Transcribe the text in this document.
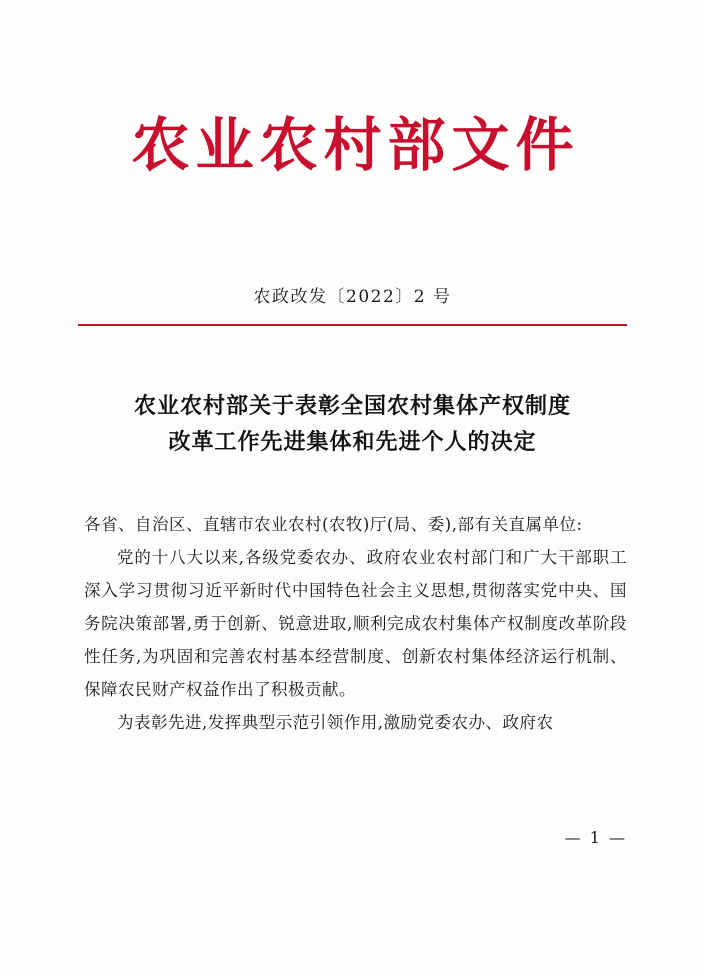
农业农村部文件
农政改发〔2022〕2 号
农业农村部关于表彰全国农村集体产权制度
改革工作先进集体和先进个人的决定

各省、自治区、直辖市农业农村(农牧)厅(局、委),部有关直属单位:

党的十八大以来,各级党委农办、政府农业农村部门和广大干部职工深入学习贯彻习近平新时代中国特色社会主义思想,贯彻落实党中央、国务院决策部署,勇于创新、锐意进取,顺利完成农村集体产权制度改革阶段性任务,为巩固和完善农村基本经营制度、创新农村集体经济运行机制、保障农民财产权益作出了积极贡献。

为表彰先进,发挥典型示范引领作用,激励党委农办、政府农

— 1 —
